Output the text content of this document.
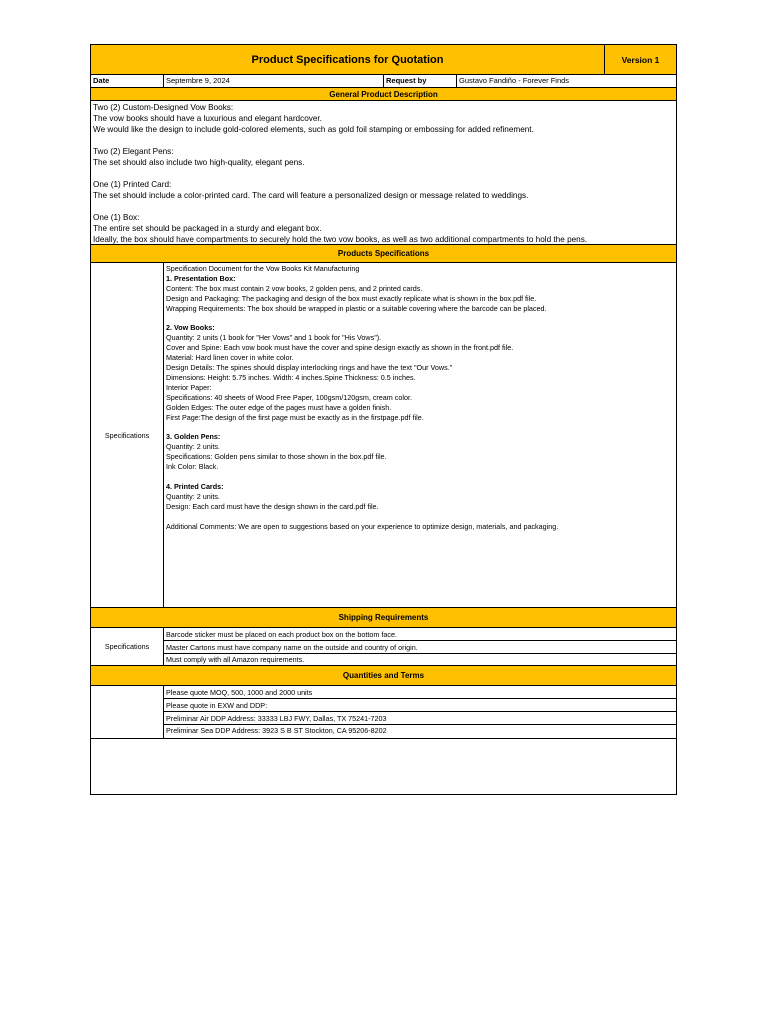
Product Specifications for Quotation	Version 1
Date	Septembre 9, 2024	Request by	Gustavo Fandiño - Forever Finds
General Product Description

Two (2) Custom-Designed Vow Books:

The vow books should have a luxurious and elegant hardcover.

We would like the design to include gold-colored elements, such as gold foil stamping or embossing for added refinement.

Two (2) Elegant Pens:

The set should also include two high-quality, elegant pens.

One (1) Printed Card:

The set should include a color-printed card. The card will feature a personalized design or message related to weddings.

One (1) Box:

The entire set should be packaged in a sturdy and elegant box.

Ideally, the box should have compartments to securely hold the two vow books, as well as two additional compartments to hold the pens.

Products Specifications
Specifications

Specification Document for the Vow Books Kit Manufacturing

1. Presentation Box:

Content: The box must contain 2 vow books, 2 golden pens, and 2 printed cards.

Design and Packaging: The packaging and design of the box must exactly replicate what is shown in the box.pdf file.

Wrapping Requirements: The box should be wrapped in plastic or a suitable covering where the barcode can be placed.

2. Vow Books:

Quantity: 2 units (1 book for "Her Vows" and 1 book for "His Vows").

Cover and Spine: Each vow book must have the cover and spine design exactly as shown in the front.pdf file.

Material: Hard linen cover in white color.

Design Details: The spines should display interlocking rings and have the text "Our Vows."

Dimensions: Height: 5.75 inches. Width: 4 inches.Spine Thickness: 0.5 inches.

Interior Paper:

Specifications: 40 sheets of Wood Free Paper, 100gsm/120gsm, cream color.

Golden Edges: The outer edge of the pages must have a golden finish.

First Page:The design of the first page must be exactly as in the firstpage.pdf file.

3. Golden Pens:

Quantity: 2 units.

Specifications: Golden pens similar to those shown in the box.pdf file.

Ink Color: Black.

4. Printed Cards:

Quantity: 2 units.

Design: Each card must have the design shown in the card.pdf file.

Additional Comments: We are open to suggestions based on your experience to optimize design, materials, and packaging.

Shipping Requirements
Specifications
Barcode sticker must be placed on each product box on the bottom face.
Master Cartons must have company name on the outside and country of origin.
Must comply with all Amazon requirements.
Quantities and Terms
Please quote MOQ, 500, 1000 and 2000 units
Please quote in EXW and DDP:
Preliminar Air DDP Address: 33333 LBJ FWY, Dallas, TX 75241-7203
Preliminar Sea DDP Address: 3923 S B ST Stockton, CA 95206-8202
